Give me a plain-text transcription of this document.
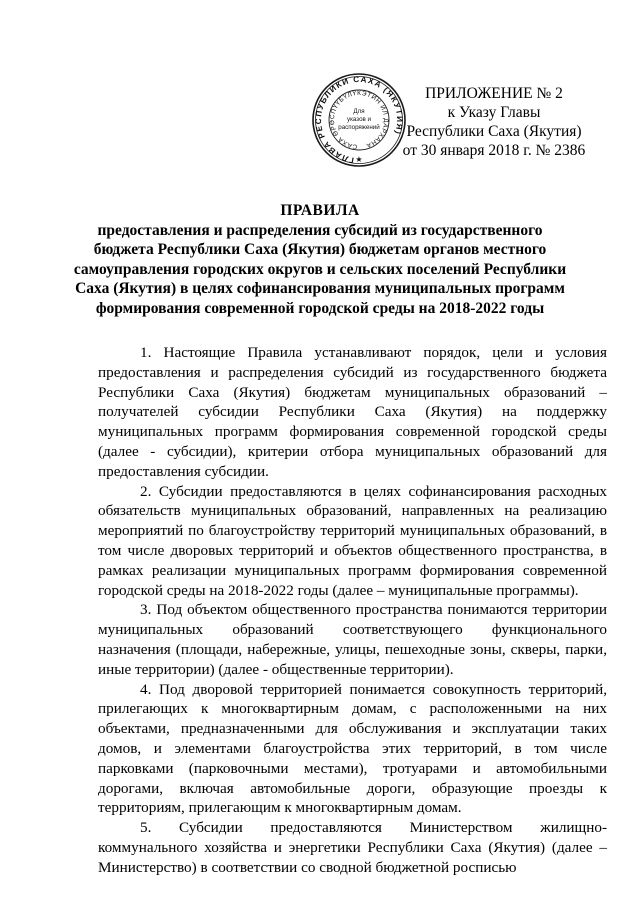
ГЛАВА РЕСПУБЛИКИ САХА (ЯКУТИЯ)
САХА ӨРӨСПҮҮБҮЛҮКЭТИН ИЛ ДАРХАНА
Для
указов и
распоряжений
★
ПРИЛОЖЕНИЕ № 2
к Указу Главы
Республики Саха (Якутия)
от 30 января 2018 г. № 2386
ПРАВИЛА
предоставления и распределения субсидий из государственного бюджета Республики Саха (Якутия) бюджетам органов местного самоуправления городских округов и сельских поселений Республики Саха (Якутия) в целях софинансирования муниципальных программ формирования современной городской среды на 2018-2022 годы

1. Настоящие Правила устанавливают порядок, цели и условия предоставления и распределения субсидий из государственного бюджета Республики Саха (Якутия) бюджетам муниципальных образований – получателей субсидии Республики Саха (Якутия) на поддержку муниципальных программ формирования современной городской среды (далее - субсидии), критерии отбора муниципальных образований для предоставления субсидии.

2. Субсидии предоставляются в целях софинансирования расходных обязательств муниципальных образований, направленных на реализацию мероприятий по благоустройству территорий муниципальных образований, в том числе дворовых территорий и объектов общественного пространства, в рамках реализации муниципальных программ формирования современной городской среды на 2018-2022 годы (далее – муниципальные программы).

3. Под объектом общественного пространства понимаются территории муниципальных образований соответствующего функционального назначения (площади, набережные, улицы, пешеходные зоны, скверы, парки, иные территории) (далее - общественные территории).

4. Под дворовой территорией понимается совокупность территорий, прилегающих к многоквартирным домам, с расположенными на них объектами, предназначенными для обслуживания и эксплуатации таких домов, и элементами благоустройства этих территорий, в том числе парковками (парковочными местами), тротуарами и автомобильными дорогами, включая автомобильные дороги, образующие проезды к территориям, прилегающим к многоквартирным домам.

5. Субсидии предоставляются Министерством жилищно-коммунального хозяйства и энергетики Республики Саха (Якутия) (далее – Министерство) в соответствии со сводной бюджетной росписью
